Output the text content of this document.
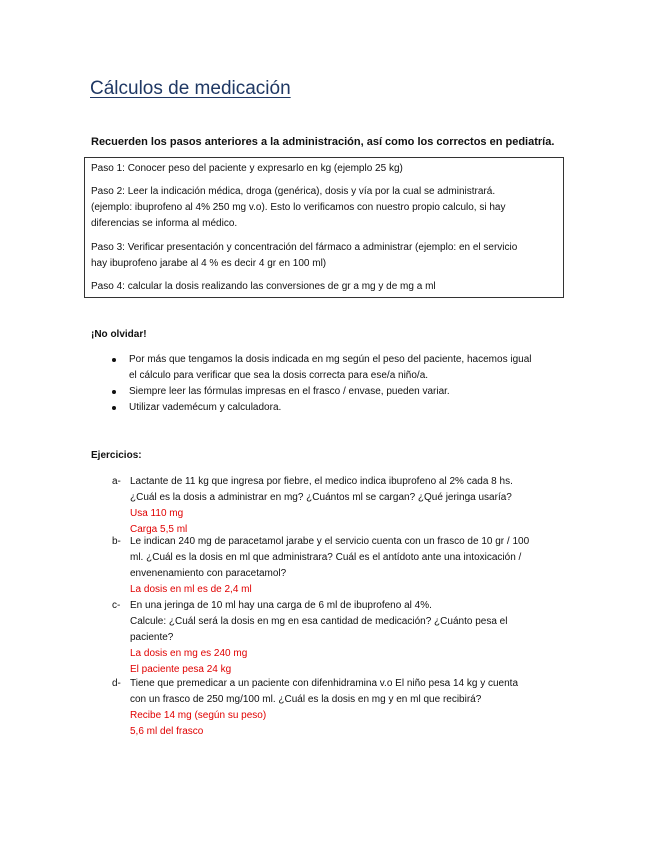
Cálculos de medicación
Recuerden los pasos anteriores a la administración, así como los correctos en pediatría.
Paso 1: Conocer peso del paciente y expresarlo en kg (ejemplo 25 kg)
Paso 2: Leer la indicación médica, droga (genérica), dosis y vía por la cual se administrará.
(ejemplo: ibuprofeno al 4% 250 mg v.o). Esto lo verificamos con nuestro propio calculo, si hay
diferencias se informa al médico.
Paso 3: Verificar presentación y concentración del fármaco a administrar (ejemplo: en el servicio
hay ibuprofeno jarabe al 4 % es decir 4 gr en 100 ml)
Paso 4: calcular la dosis realizando las conversiones de gr a mg y de mg a ml
¡No olvidar!
Por más que tengamos la dosis indicada en mg según el peso del paciente, hacemos igual
el cálculo para verificar que sea la dosis correcta para ese/a niño/a.
Siempre leer las fórmulas impresas en el frasco / envase, pueden variar.
Utilizar vademécum y calculadora.
Ejercicios:
a- Lactante de 11 kg que ingresa por fiebre, el medico indica ibuprofeno al 2% cada 8 hs.
¿Cuál es la dosis a administrar en mg? ¿Cuántos ml se cargan? ¿Qué jeringa usaría?
Usa 110 mg
Carga 5,5 ml
b- Le indican 240 mg de paracetamol jarabe y el servicio cuenta con un frasco de 10 gr / 100
ml. ¿Cuál es la dosis en ml que administrara? Cuál es el antídoto ante una intoxicación /
envenenamiento con paracetamol?
La dosis en ml es de 2,4 ml
c- En una jeringa de 10 ml hay una carga de 6 ml de ibuprofeno al 4%.
Calcule: ¿Cuál será la dosis en mg en esa cantidad de medicación? ¿Cuánto pesa el
paciente?
La dosis en mg es 240 mg
El paciente pesa 24 kg
d- Tiene que premedicar a un paciente con difenhidramina v.o El niño pesa 14 kg y cuenta
con un frasco de 250 mg/100 ml. ¿Cuál es la dosis en mg y en ml que recibirá?
Recibe 14 mg (según su peso)
5,6 ml del frasco
